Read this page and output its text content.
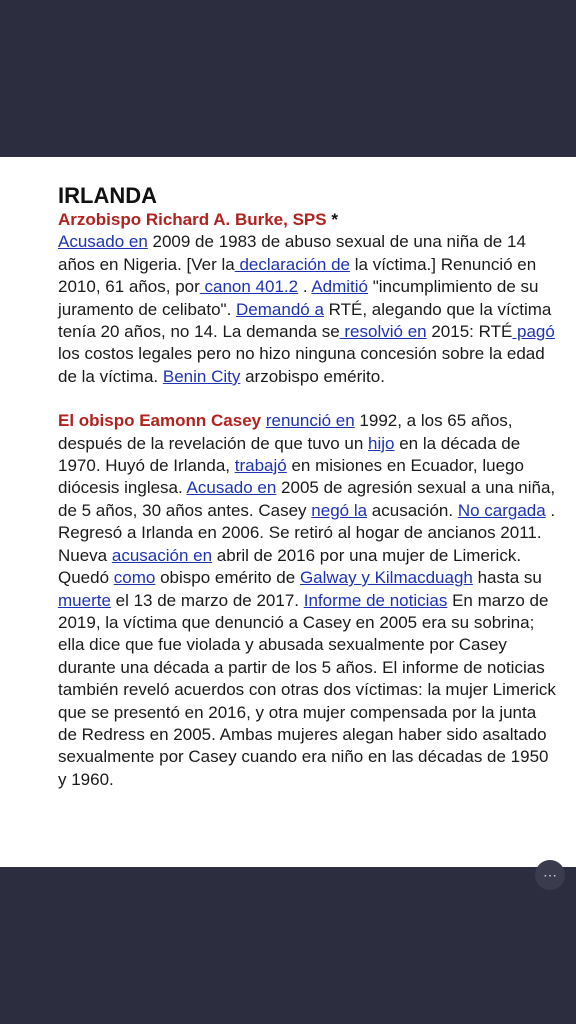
IRLANDA

Arzobispo Richard A. Burke, SPS *
Acusado en 2009 de 1983 de abuso sexual de una niña de 14 años en Nigeria. [Ver la declaración de la víctima.] Renunció en 2010, 61 años, por canon 401.2 . Admitió "incumplimiento de su juramento de celibato". Demandó a RTÉ, alegando que la víctima tenía 20 años, no 14. La demanda se resolvió en 2015: RTÉ pagó los costos legales pero no hizo ninguna concesión sobre la edad de la víctima. Benin City arzobispo emérito.

El obispo Eamonn Casey renunció en 1992, a los 65 años, después de la revelación de que tuvo un hijo en la década de 1970. Huyó de Irlanda, trabajó en misiones en Ecuador, luego diócesis inglesa. Acusado en 2005 de agresión sexual a una niña, de 5 años, 30 años antes. Casey negó la acusación. No cargada . Regresó a Irlanda en 2006. Se retiró al hogar de ancianos 2011. Nueva acusación en abril de 2016 por una mujer de Limerick. Quedó como obispo emérito de Galway y Kilmacduagh hasta su muerte el 13 de marzo de 2017. Informe de noticias En marzo de 2019, la víctima que denunció a Casey en 2005 era su sobrina; ella dice que fue violada y abusada sexualmente por Casey durante una década a partir de los 5 años. El informe de noticias también reveló acuerdos con otras dos víctimas: la mujer Limerick que se presentó en 2016, y otra mujer compensada por la junta de Redress en 2005. Ambas mujeres alegan haber sido asaltado sexualmente por Casey cuando era niño en las décadas de 1950 y 1960.

⋯
